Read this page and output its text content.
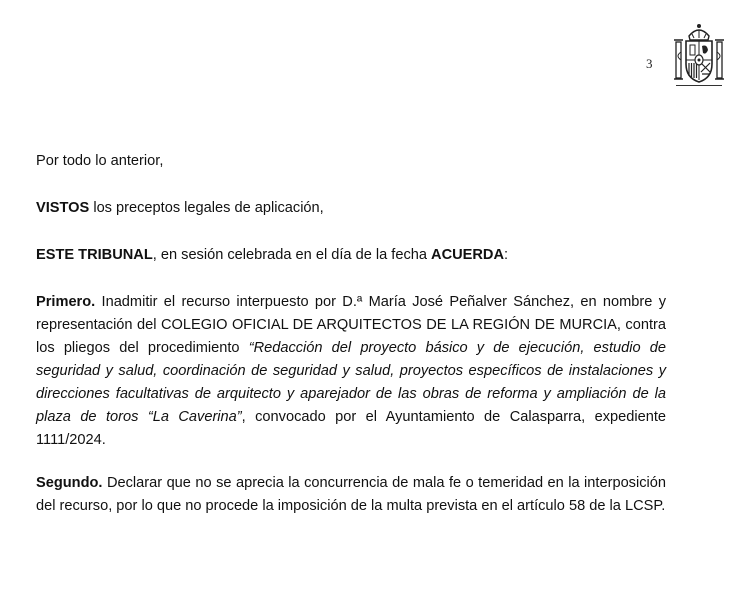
3

Por todo lo anterior,

VISTOS los preceptos legales de aplicación,

ESTE TRIBUNAL, en sesión celebrada en el día de la fecha ACUERDA:

Primero. Inadmitir el recurso interpuesto por D.ª María José Peñalver Sánchez, en nombre y representación del COLEGIO OFICIAL DE ARQUITECTOS DE LA REGIÓN DE MURCIA, contra los pliegos del procedimiento “Redacción del proyecto básico y de ejecución, estudio de seguridad y salud, coordinación de seguridad y salud, proyectos específicos de instalaciones y direcciones facultativas de arquitecto y aparejador de las obras de reforma y ampliación de la plaza de toros “La Caverina”, convocado por el Ayuntamiento de Calasparra, expediente 1111/2024.

Segundo. Declarar que no se aprecia la concurrencia de mala fe o temeridad en la interposición del recurso, por lo que no procede la imposición de la multa prevista en el artículo 58 de la LCSP.
